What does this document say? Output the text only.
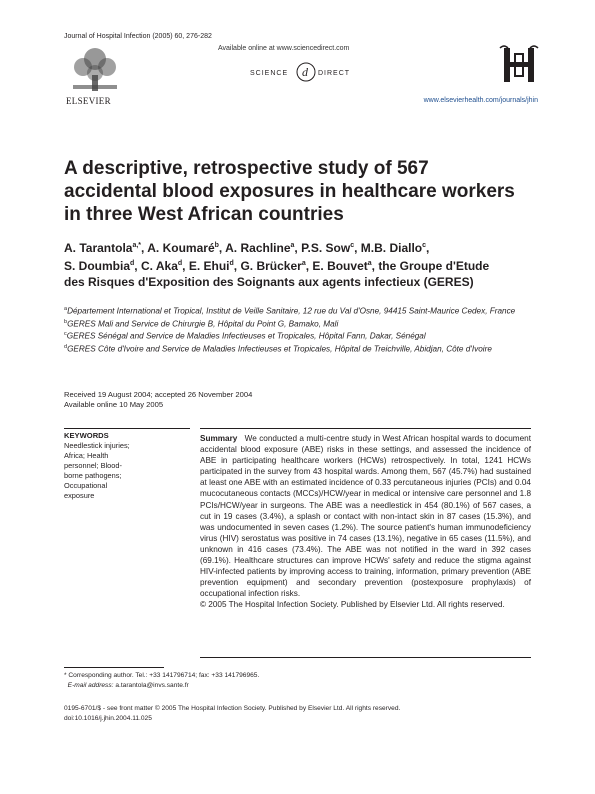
Journal of Hospital Infection (2005) 60, 276-282
ELSEVIER
Available online at www.sciencedirect.com
SCIENCE d DIRECT
www.elsevierhealth.com/journals/jhin
A descriptive, retrospective study of 567
accidental blood exposures in healthcare workers
in three West African countries
A. Tarantola$^{a,*}$, A. Koumaré$^b$, A. Rachline$^a$, P.S. Sow$^c$, M.B. Diallo$^c$,
S. Doumbia$^d$, C. Aka$^d$, E. Ehui$^d$, G. Brücker$^a$, E. Bouvet$^a$, the Groupe d'Etude
des Risques d'Exposition des Soignants aux agents infectieux (GERES)
$^a$Département International et Tropical, Institut de Veille Sanitaire, 12 rue du Val d'Osne, 94415 Saint-Maurice Cedex, France
$^b$GERES Mali and Service de Chirurgie B, Hôpital du Point G, Bamako, Mali
$^c$GERES Sénégal and Service de Maladies Infectieuses et Tropicales, Hôpital Fann, Dakar, Sénégal
$^d$GERES Côte d'Ivoire and Service de Maladies Infectieuses et Tropicales, Hôpital de Treichville, Abidjan, Côte d'Ivoire
Received 19 August 2004; accepted 26 November 2004
Available online 10 May 2005
KEYWORDS
Needlestick injuries;
Africa; Health
personnel; Blood-
borne pathogens;
Occupational
exposure
Summary We conducted a multi-centre study in West African hospital wards to document accidental blood exposure (ABE) risks in these settings, and assessed the incidence of ABE in participating healthcare workers (HCWs) retrospectively. In total, 1241 HCWs participated in the survey from 43 hospital wards. Among them, 567 (45.7%) had sustained at least one ABE with an estimated incidence of 0.33 percutaneous injuries (PCIs) and 0.04 mucocutaneous contacts (MCCs)/HCW/year in medical or intensive care personnel and 1.8 PCIs/HCW/year in surgeons. The ABE was a needlestick in 454 (80.1%) of 567 cases, a cut in 19 cases (3.4%), a splash or contact with non-intact skin in 87 cases (15.3%), and was undocumented in seven cases (1.2%). The source patient's human immunodeficiency virus (HIV) serostatus was positive in 74 cases (13.1%), negative in 65 cases (11.5%), and unknown in 416 cases (73.4%). The ABE was not notified in the ward in 392 cases (69.1%). Healthcare structures can improve HCWs' safety and reduce the stigma against HIV-infected patients by improving access to training, information, primary prevention (ABE prevention equipment) and secondary prevention (postexposure prophylaxis) of occupational infection risks.
© 2005 The Hospital Infection Society. Published by Elsevier Ltd. All rights reserved.
* Corresponding author. Tel.: +33 141796714; fax: +33 141796965.
E-mail address: a.tarantola@invs.sante.fr
0195-6701/$ - see front matter © 2005 The Hospital Infection Society. Published by Elsevier Ltd. All rights reserved.
doi:10.1016/j.jhin.2004.11.025
